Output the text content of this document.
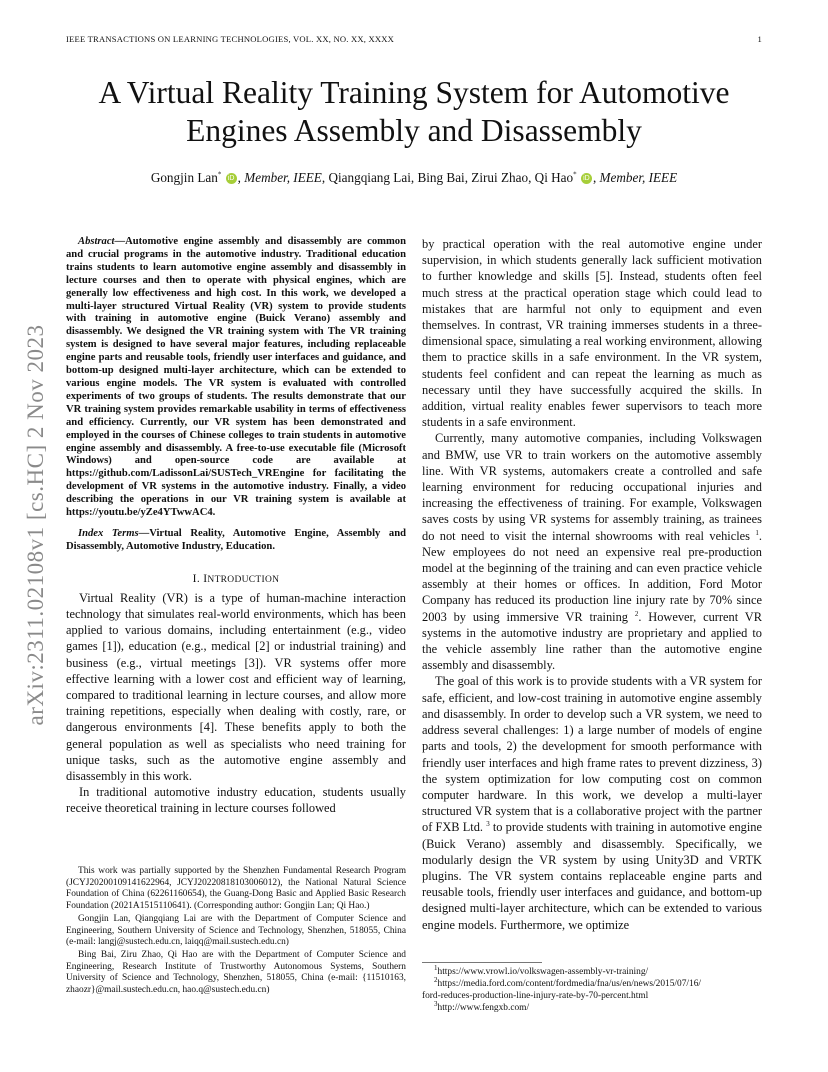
IEEE TRANSACTIONS ON LEARNING TECHNOLOGIES, VOL. XX, NO. XX, XXXX	1
arXiv:2311.02108v1 [cs.HC] 2 Nov 2023
A Virtual Reality Training System for Automotive
Engines Assembly and Disassembly
Gongjin Lan* iD , Member, IEEE, Qiangqiang Lai, Bing Bai, Zirui Zhao, Qi Hao* iD , Member, IEEE

Abstract—Automotive engine assembly and disassembly are common and crucial programs in the automotive industry. Traditional education trains students to learn automotive engine assembly and disassembly in lecture courses and then to operate with physical engines, which are generally low effectiveness and high cost. In this work, we developed a multi-layer structured Virtual Reality (VR) system to provide students with training in automotive engine (Buick Verano) assembly and disassembly. We designed the VR training system with The VR training system is designed to have several major features, including replaceable engine parts and reusable tools, friendly user interfaces and guidance, and bottom-up designed multi-layer architecture, which can be extended to various engine models. The VR system is evaluated with controlled experiments of two groups of students. The results demonstrate that our VR training system provides remarkable usability in terms of effectiveness and efficiency. Currently, our VR system has been demonstrated and employed in the courses of Chinese colleges to train students in automotive engine assembly and disassembly. A free-to-use executable file (Microsoft Windows) and open-source code are available at https://github.com/LadissonLai/SUSTech_VREngine for facilitating the development of VR systems in the automotive industry. Finally, a video describing the operations in our VR training system is available at https://youtu.be/yZe4YTwwAC4.

Index Terms—Virtual Reality, Automotive Engine, Assembly and Disassembly, Automotive Industry, Education.

I. INTRODUCTION

Virtual Reality (VR) is a type of human-machine interaction technology that simulates real-world environments, which has been applied to various domains, including entertainment (e.g., video games [1]), education (e.g., medical [2] or industrial training) and business (e.g., virtual meetings [3]). VR systems offer more effective learning with a lower cost and efficient way of learning, compared to traditional learning in lecture courses, and allow more training repetitions, especially when dealing with costly, rare, or dangerous environments [4]. These benefits apply to both the general population as well as specialists who need training for unique tasks, such as the automotive engine assembly and disassembly in this work.

In traditional automotive industry education, students usually receive theoretical training in lecture courses followed

This work was partially supported by the Shenzhen Fundamental Research Program (JCYJ20200109141622964, JCYJ20220818103006012), the National Natural Science Foundation of China (62261160654), the Guang-Dong Basic and Applied Basic Research Foundation (2021A1515110641). (Corresponding author: Gongjin Lan; Qi Hao.)

Gongjin Lan, Qiangqiang Lai are with the Department of Computer Science and Engineering, Southern University of Science and Technology, Shenzhen, 518055, China (e-mail: langj@sustech.edu.cn, laiqq@mail.sustech.edu.cn)

Bing Bai, Ziru Zhao, Qi Hao are with the Department of Computer Science and Engineering, Research Institute of Trustworthy Autonomous Systems, Southern University of Science and Technology, Shenzhen, 518055, China (e-mail: {11510163, zhaozr}@mail.sustech.edu.cn, hao.q@sustech.edu.cn)

by practical operation with the real automotive engine under supervision, in which students generally lack sufficient motivation to further knowledge and skills [5]. Instead, students often feel much stress at the practical operation stage which could lead to mistakes that are harmful not only to equipment and even themselves. In contrast, VR training immerses students in a three-dimensional space, simulating a real working environment, allowing them to practice skills in a safe environment. In the VR system, students feel confident and can repeat the learning as much as necessary until they have successfully acquired the skills. In addition, virtual reality enables fewer supervisors to teach more students in a safe environment.

Currently, many automotive companies, including Volkswagen and BMW, use VR to train workers on the automotive assembly line. With VR systems, automakers create a controlled and safe learning environment for reducing occupational injuries and increasing the effectiveness of training. For example, Volkswagen saves costs by using VR systems for assembly training, as trainees do not need to visit the internal showrooms with real vehicles $^1$. New employees do not need an expensive real pre-production model at the beginning of the training and can even practice vehicle assembly at their homes or offices. In addition, Ford Motor Company has reduced its production line injury rate by 70% since 2003 by using immersive VR training $^2$. However, current VR systems in the automotive industry are proprietary and applied to the vehicle assembly line rather than the automotive engine assembly and disassembly.

The goal of this work is to provide students with a VR system for safe, efficient, and low-cost training in automotive engine assembly and disassembly. In order to develop such a VR system, we need to address several challenges: 1) a large number of models of engine parts and tools, 2) the development for smooth performance with friendly user interfaces and high frame rates to prevent dizziness, 3) the system optimization for low computing cost on common computer hardware. In this work, we develop a multi-layer structured VR system that is a collaborative project with the partner of FXB Ltd. $^3$ to provide students with training in automotive engine (Buick Verano) assembly and disassembly. Specifically, we modularly design the VR system by using Unity3D and VRTK plugins. The VR system contains replaceable engine parts and reusable tools, friendly user interfaces and guidance, and bottom-up designed multi-layer architecture, which can be extended to various engine models. Furthermore, we optimize

$^1$https://www.vrowl.io/volkswagen-assembly-vr-training/

$^2$https://media.ford.com/content/fordmedia/fna/us/en/news/2015/07/16/

ford-reduces-production-line-injury-rate-by-70-percent.html

$^3$http://www.fengxb.com/
